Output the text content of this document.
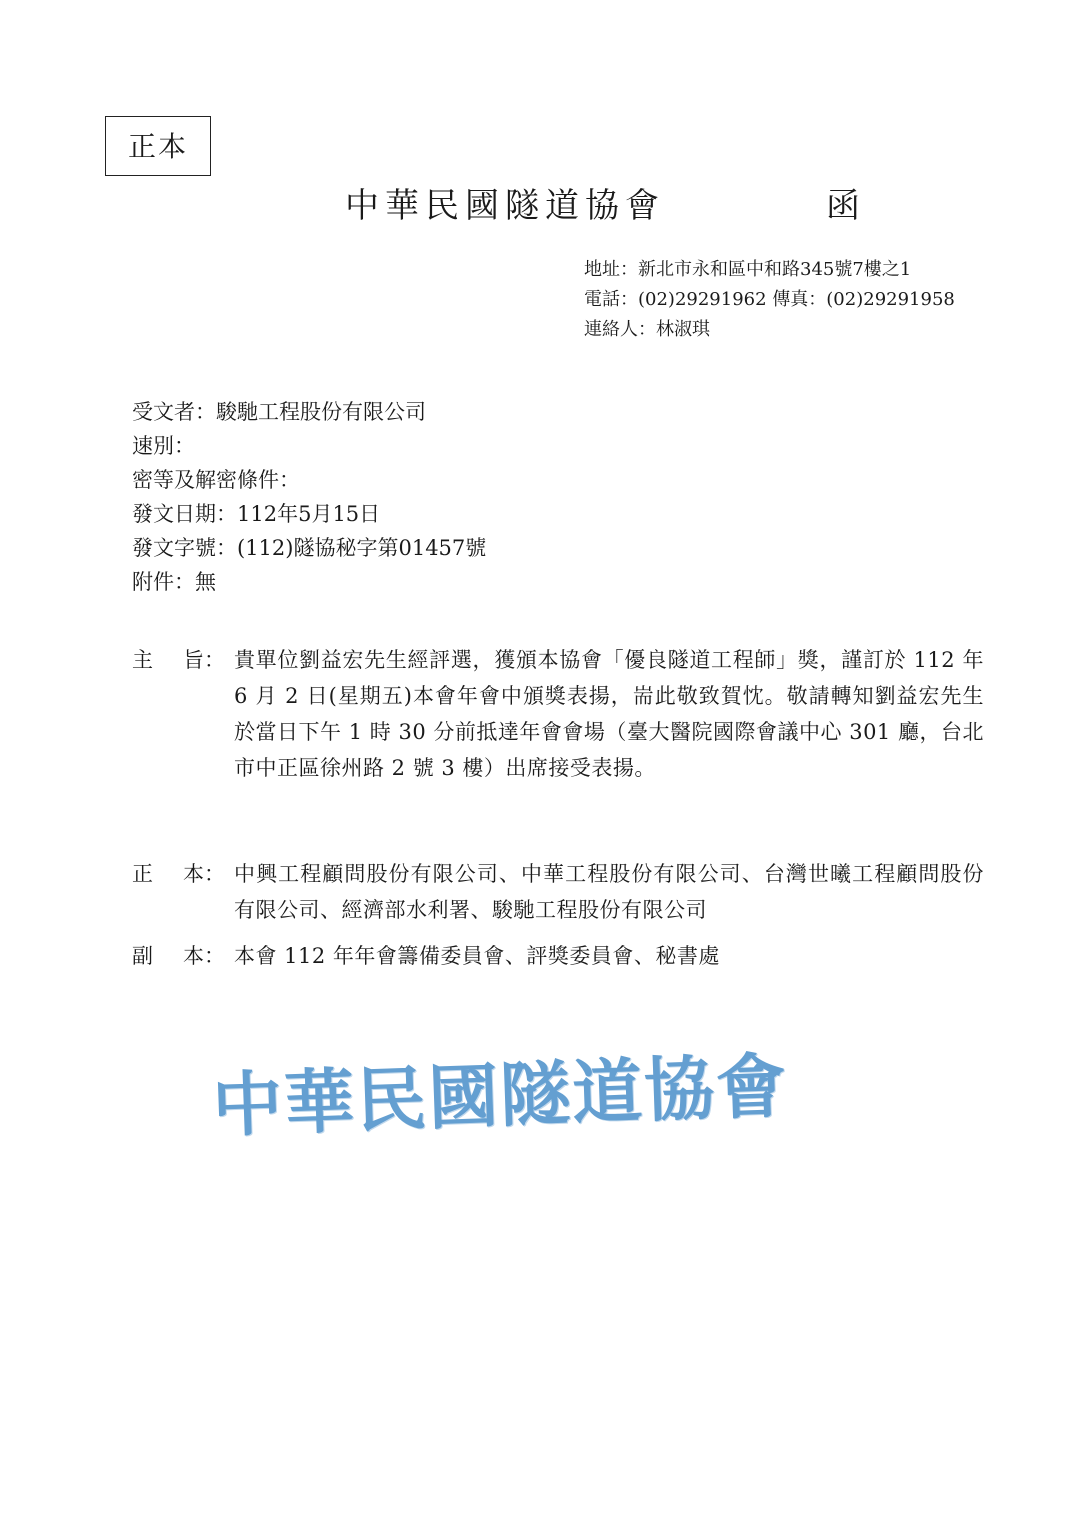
正本
中華民國隧道協會	函
地址：新北市永和區中和路345號7樓之1
電話：(02)29291962 傳真：(02)29291958
連絡人：林淑琪
受文者： 駿馳工程股份有限公司
速別：
密等及解密條件：
發文日期： 112年5月15日
發文字號： (112)隧協秘字第01457號
附件： 無
主 旨： 貴單位劉益宏先生經評選，獲頒本協會「優良隧道工程師」獎，謹訂於 112 年 6 月 2 日(星期五)本會年會中頒獎表揚，耑此敬致賀忱。敬請轉知劉益宏先生於當日下午 1 時 30 分前抵達年會會場（臺大醫院國際會議中心 301 廳，台北市中正區徐州路 2 號 3 樓）出席接受表揚。
正 本： 中興工程顧問股份有限公司、中華工程股份有限公司、台灣世曦工程顧問股份有限公司、經濟部水利署、駿馳工程股份有限公司
副 本： 本會 112 年年會籌備委員會、評獎委員會、秘書處
中華民國隧道協會
